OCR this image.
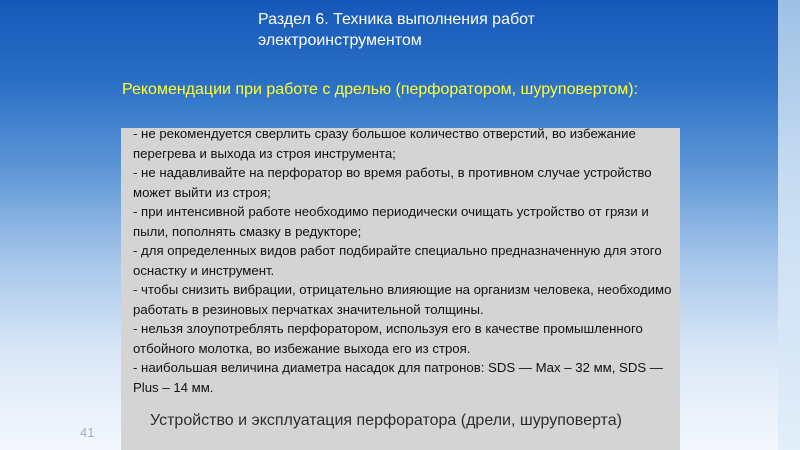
Раздел 6. Техника выполнения работ электроинструментом
Рекомендации при работе с дрелью (перфоратором, шуруповертом):

- не рекомендуется сверлить сразу большое количество отверстий, во избежание перегрева и выхода из строя инструмента;

- не надавливайте на перфоратор во время работы, в противном случае устройство может выйти из строя;

- при интенсивной работе необходимо периодически очищать устройство от грязи и пыли, пополнять смазку в редукторе;

- для определенных видов работ подбирайте специально предназначенную для этого оснастку и инструмент.

- чтобы снизить вибрации, отрицательно влияющие на организм человека, необходимо работать в резиновых перчатках значительной толщины.

- нельзя злоупотреблять перфоратором, используя его в качестве промышленного отбойного молотка, во избежание выхода его из строя.

- наибольшая величина диаметра насадок для патронов: SDS — Max – 32 мм, SDS — Plus – 14 мм.

Устройство и эксплуатация перфоратора (дрели, шуруповерта)
41
